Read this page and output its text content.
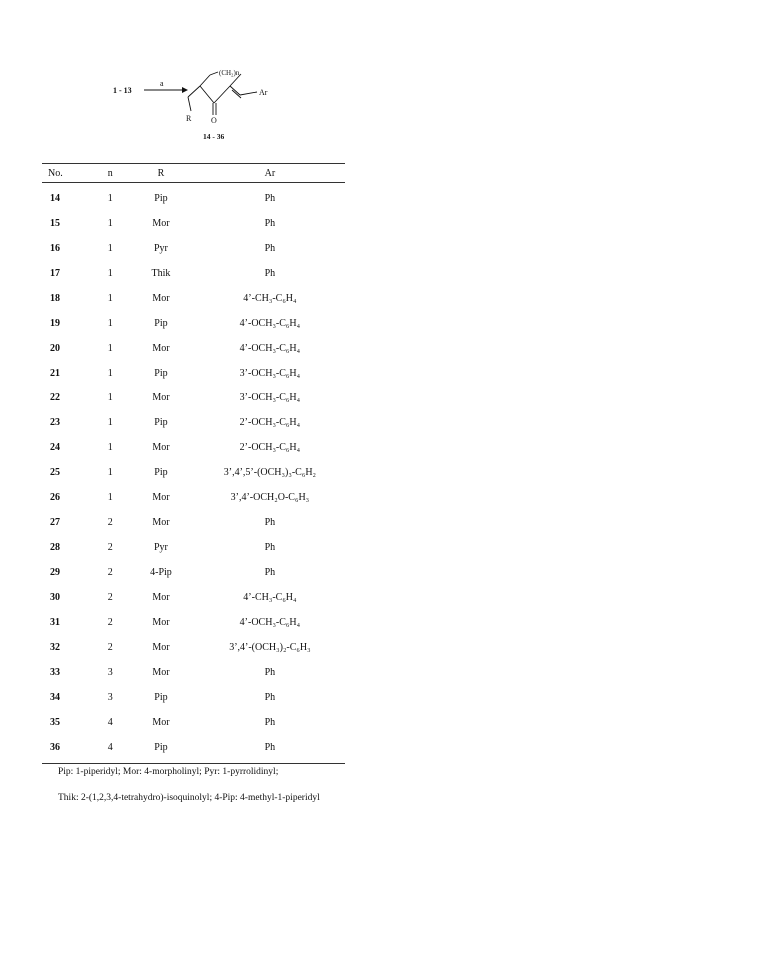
1 - 13
a
(CH₂)n
O
Ar
R
14 - 36
No.	n	R	Ar
14	1	Pip	Ph
15	1	Mor	Ph
16	1	Pyr	Ph
17	1	Thik	Ph
18	1	Mor	4’-CH₃-C₆H₄
19	1	Pip	4’-OCH₃-C₆H₄
20	1	Mor	4’-OCH₃-C₆H₄
21	1	Pip	3’-OCH₃-C₆H₄
22	1	Mor	3’-OCH₃-C₆H₄
23	1	Pip	2’-OCH₃-C₆H₄
24	1	Mor	2’-OCH₃-C₆H₄
25	1	Pip	3’,4’,5’-(OCH₃)₃-C₆H₂
26	1	Mor	3’,4’-OCH₂O-C₆H₃
27	2	Mor	Ph
28	2	Pyr	Ph
29	2	4-Pip	Ph
30	2	Mor	4’-CH₃-C₆H₄
31	2	Mor	4’-OCH₃-C₆H₄
32	2	Mor	3’,4’-(OCH₃)₂-C₆H₃
33	3	Mor	Ph
34	3	Pip	Ph
35	4	Mor	Ph
36	4	Pip	Ph
Pip: 1-piperidyl; Mor: 4-morpholinyl; Pyr: 1-pyrrolidinyl;
Thik: 2-(1,2,3,4-tetrahydro)-isoquinolyl; 4-Pip: 4-methyl-1-piperidyl
